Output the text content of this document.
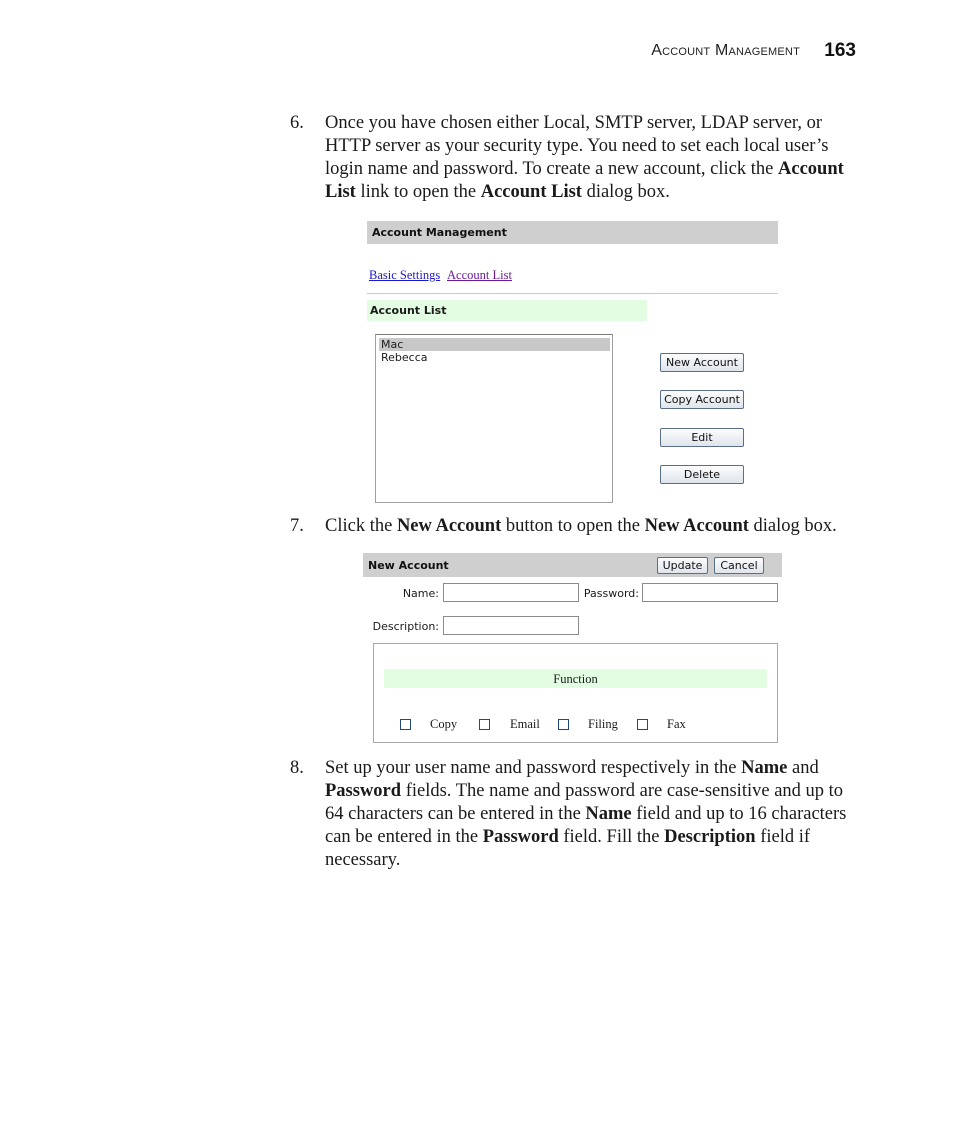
Account Management	163
6.	Once you have chosen either Local, SMTP server, LDAP server, or
HTTP server as your security type. You need to set each local user’s
login name and password. To create a new account, click the Account
List link to open the Account List dialog box.
Account Management
Basic Settings Account List
Account List
Mac
Rebecca	New Account
Copy Account
Edit
Delete
7.	Click the New Account button to open the New Account dialog box.
New Account	Update	Cancel
Name:	Password:
Description:
Function
Copy	Email	Filing	Fax
8.	Set up your user name and password respectively in the Name and
Password fields. The name and password are case-sensitive and up to
64 characters can be entered in the Name field and up to 16 characters
can be entered in the Password field. Fill the Description field if
necessary.
